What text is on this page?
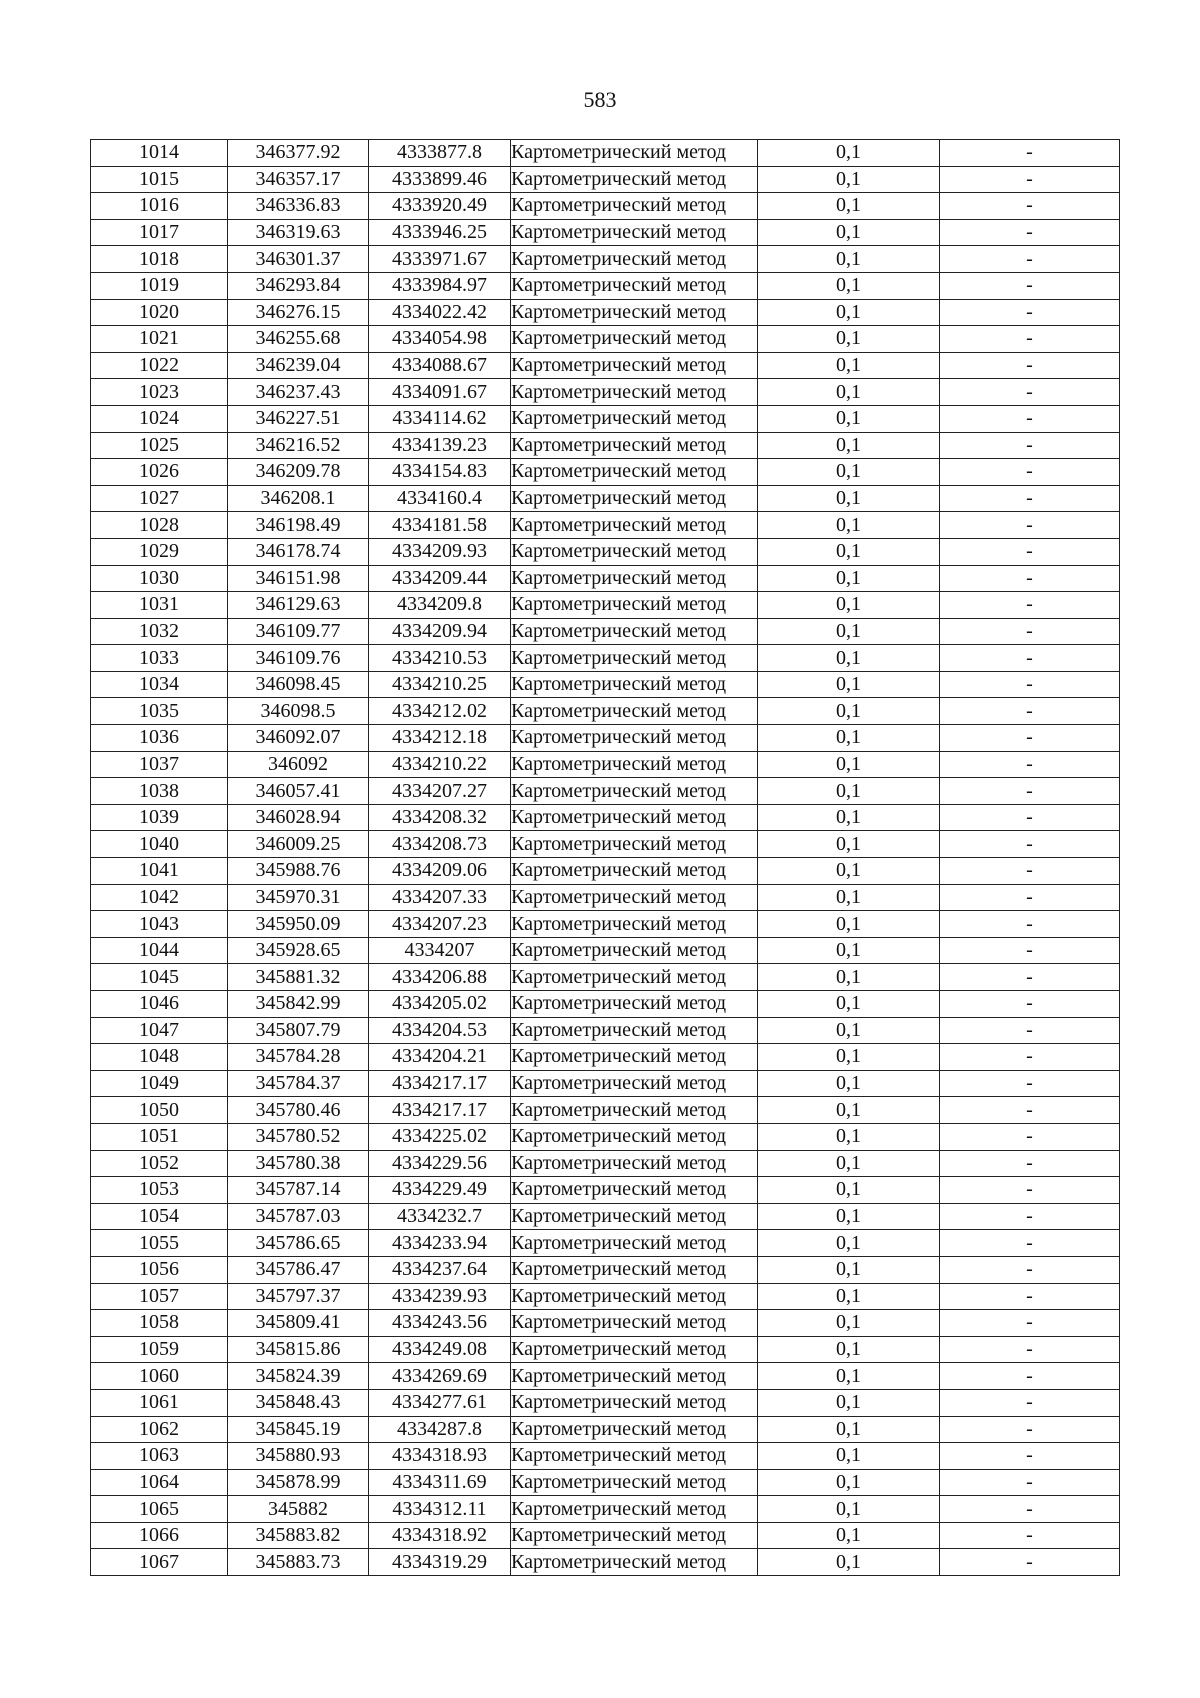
583
1014	346377.92	4333877.8	Картометрический метод	0,1	-
1015	346357.17	4333899.46	Картометрический метод	0,1	-
1016	346336.83	4333920.49	Картометрический метод	0,1	-
1017	346319.63	4333946.25	Картометрический метод	0,1	-
1018	346301.37	4333971.67	Картометрический метод	0,1	-
1019	346293.84	4333984.97	Картометрический метод	0,1	-
1020	346276.15	4334022.42	Картометрический метод	0,1	-
1021	346255.68	4334054.98	Картометрический метод	0,1	-
1022	346239.04	4334088.67	Картометрический метод	0,1	-
1023	346237.43	4334091.67	Картометрический метод	0,1	-
1024	346227.51	4334114.62	Картометрический метод	0,1	-
1025	346216.52	4334139.23	Картометрический метод	0,1	-
1026	346209.78	4334154.83	Картометрический метод	0,1	-
1027	346208.1	4334160.4	Картометрический метод	0,1	-
1028	346198.49	4334181.58	Картометрический метод	0,1	-
1029	346178.74	4334209.93	Картометрический метод	0,1	-
1030	346151.98	4334209.44	Картометрический метод	0,1	-
1031	346129.63	4334209.8	Картометрический метод	0,1	-
1032	346109.77	4334209.94	Картометрический метод	0,1	-
1033	346109.76	4334210.53	Картометрический метод	0,1	-
1034	346098.45	4334210.25	Картометрический метод	0,1	-
1035	346098.5	4334212.02	Картометрический метод	0,1	-
1036	346092.07	4334212.18	Картометрический метод	0,1	-
1037	346092	4334210.22	Картометрический метод	0,1	-
1038	346057.41	4334207.27	Картометрический метод	0,1	-
1039	346028.94	4334208.32	Картометрический метод	0,1	-
1040	346009.25	4334208.73	Картометрический метод	0,1	-
1041	345988.76	4334209.06	Картометрический метод	0,1	-
1042	345970.31	4334207.33	Картометрический метод	0,1	-
1043	345950.09	4334207.23	Картометрический метод	0,1	-
1044	345928.65	4334207	Картометрический метод	0,1	-
1045	345881.32	4334206.88	Картометрический метод	0,1	-
1046	345842.99	4334205.02	Картометрический метод	0,1	-
1047	345807.79	4334204.53	Картометрический метод	0,1	-
1048	345784.28	4334204.21	Картометрический метод	0,1	-
1049	345784.37	4334217.17	Картометрический метод	0,1	-
1050	345780.46	4334217.17	Картометрический метод	0,1	-
1051	345780.52	4334225.02	Картометрический метод	0,1	-
1052	345780.38	4334229.56	Картометрический метод	0,1	-
1053	345787.14	4334229.49	Картометрический метод	0,1	-
1054	345787.03	4334232.7	Картометрический метод	0,1	-
1055	345786.65	4334233.94	Картометрический метод	0,1	-
1056	345786.47	4334237.64	Картометрический метод	0,1	-
1057	345797.37	4334239.93	Картометрический метод	0,1	-
1058	345809.41	4334243.56	Картометрический метод	0,1	-
1059	345815.86	4334249.08	Картометрический метод	0,1	-
1060	345824.39	4334269.69	Картометрический метод	0,1	-
1061	345848.43	4334277.61	Картометрический метод	0,1	-
1062	345845.19	4334287.8	Картометрический метод	0,1	-
1063	345880.93	4334318.93	Картометрический метод	0,1	-
1064	345878.99	4334311.69	Картометрический метод	0,1	-
1065	345882	4334312.11	Картометрический метод	0,1	-
1066	345883.82	4334318.92	Картометрический метод	0,1	-
1067	345883.73	4334319.29	Картометрический метод	0,1	-
